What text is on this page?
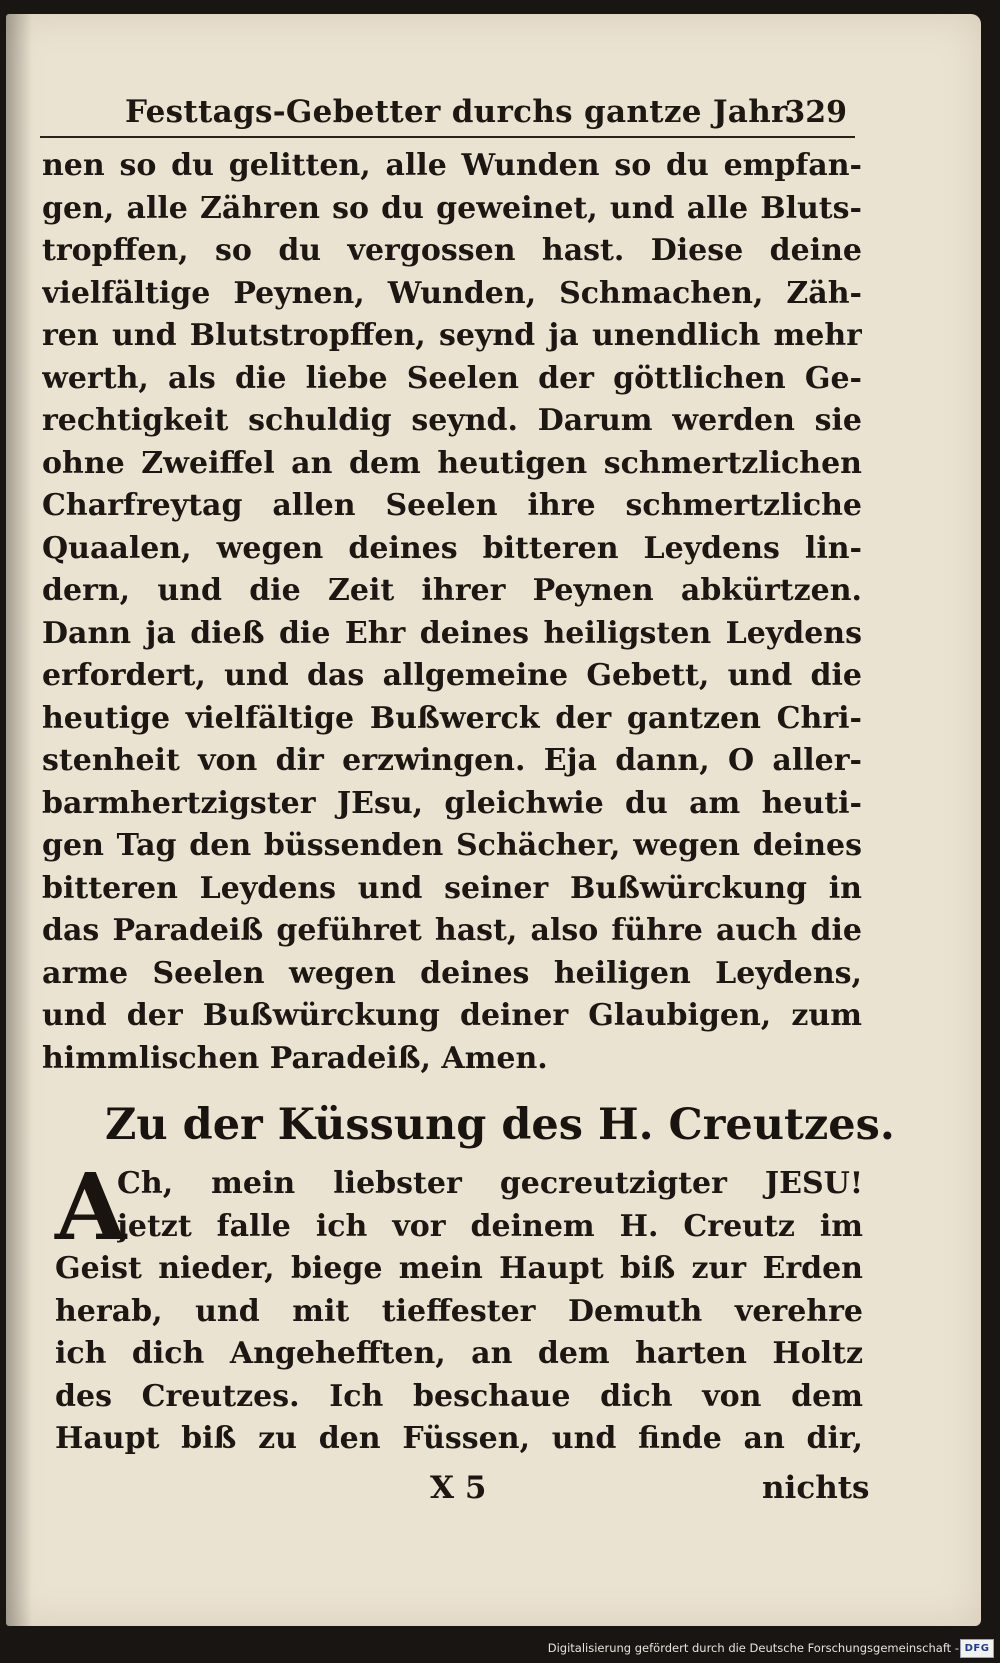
Festtags-Gebetter durchs gantze Jahr.
329
nen so du gelitten, alle Wunden so du empfan-
gen, alle Zähren so du geweinet, und alle Bluts-
tropffen, so du vergossen hast. Diese deine
vielfältige Peynen, Wunden, Schmachen, Zäh-
ren und Blutstropffen, seynd ja unendlich mehr
werth, als die liebe Seelen der göttlichen Ge-
rechtigkeit schuldig seynd. Darum werden sie
ohne Zweiffel an dem heutigen schmertzlichen
Charfreytag allen Seelen ihre schmertzliche
Quaalen, wegen deines bitteren Leydens lin-
dern, und die Zeit ihrer Peynen abkürtzen.
Dann ja dieß die Ehr deines heiligsten Leydens
erfordert, und das allgemeine Gebett, und die
heutige vielfältige Bußwerck der gantzen Chri-
stenheit von dir erzwingen. Eja dann, O aller-
barmhertzigster JEsu, gleichwie du am heuti-
gen Tag den büssenden Schächer, wegen deines
bitteren Leydens und seiner Bußwürckung in
das Paradeiß geführet hast, also führe auch die
arme Seelen wegen deines heiligen Leydens,
und der Bußwürckung deiner Glaubigen, zum
himmlischen Paradeiß, Amen.
Zu der Küssung des H. Creutzes.
A
Ch, mein liebster gecreutzigter JESU!
jetzt falle ich vor deinem H. Creutz im
Geist nieder, biege mein Haupt biß zur Erden
herab, und mit tieffester Demuth verehre
ich dich Angehefften, an dem harten Holtz
des Creutzes. Ich beschaue dich von dem
Haupt biß zu den Füssen, und finde an dir,
X 5	nichts
Digitalisierung gefördert durch die Deutsche Forschungsgemeinschaft - DFG
